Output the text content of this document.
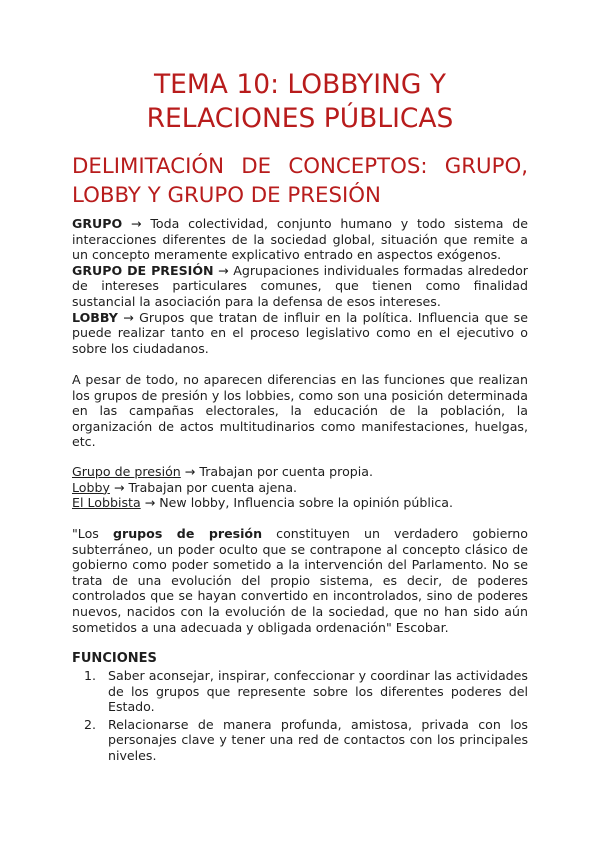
TEMA 10: LOBBYING Y
RELACIONES PÚBLICAS
DELIMITACIÓN DE CONCEPTOS: GRUPO,
LOBBY Y GRUPO DE PRESIÓN
GRUPO → Toda colectividad, conjunto humano y todo sistema de interacciones diferentes de la sociedad global, situación que remite a un concepto meramente explicativo entrado en aspectos exógenos.
GRUPO DE PRESIÓN → Agrupaciones individuales formadas alrededor de intereses particulares comunes, que tienen como finalidad sustancial la asociación para la defensa de esos intereses.
LOBBY → Grupos que tratan de influir en la política. Influencia que se puede realizar tanto en el proceso legislativo como en el ejecutivo o sobre los ciudadanos.

A pesar de todo, no aparecen diferencias en las funciones que realizan los grupos de presión y los lobbies, como son una posición determinada en las campañas electorales, la educación de la población, la organización de actos multitudinarios como manifestaciones, huelgas, etc.

Grupo de presión → Trabajan por cuenta propia.
Lobby → Trabajan por cuenta ajena.
El Lobbista → New lobby, Influencia sobre la opinión pública.

"Los grupos de presión constituyen un verdadero gobierno subterráneo, un poder oculto que se contrapone al concepto clásico de gobierno como poder sometido a la intervención del Parlamento. No se trata de una evolución del propio sistema, es decir, de poderes controlados que se hayan convertido en incontrolados, sino de poderes nuevos, nacidos con la evolución de la sociedad, que no han sido aún sometidos a una adecuada y obligada ordenación" Escobar.

FUNCIONES
1. Saber aconsejar, inspirar, confeccionar y coordinar las actividades de los grupos que represente sobre los diferentes poderes del Estado.
2. Relacionarse de manera profunda, amistosa, privada con los personajes clave y tener una red de contactos con los principales niveles.
